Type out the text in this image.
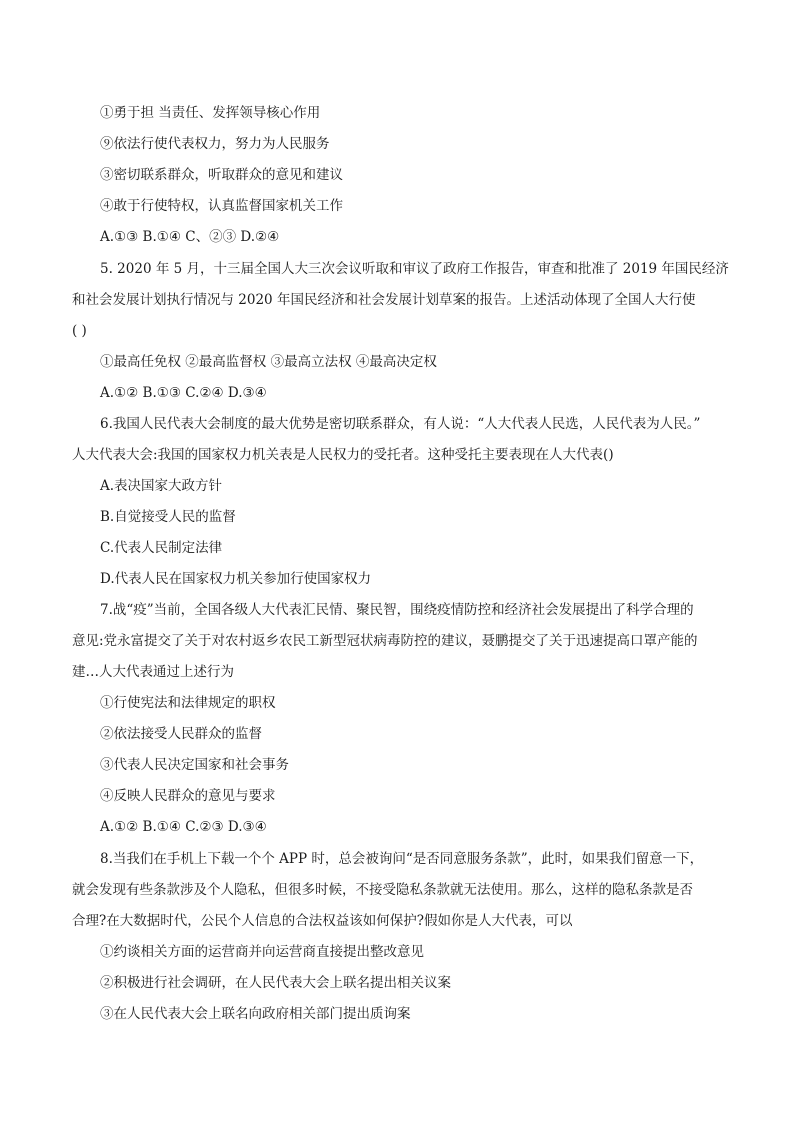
①勇于担 当责任、发挥领导核心作用
⑨依法行使代表权力，努力为人民服务
③密切联系群众，听取群众的意见和建议
④敢于行使特权，认真监督国家机关工作
A.①③ B.①④ C、②③ D.②④
5. 2020 年 5 月，十三届全国人大三次会议听取和审议了政府工作报告，审查和批准了 2019 年国民经济
和社会发展计划执行情况与 2020 年国民经济和社会发展计划草案的报告。上述活动体现了全国人大行使
( )
①最高任免权 ②最高监督权 ③最高立法权 ④最高决定权
A.①② B.①③ C.②④ D.③④
6.我国人民代表大会制度的最大优势是密切联系群众，有人说：“人大代表人民选，人民代表为人民。”
人大代表大会:我国的国家权力机关表是人民权力的受托者。这种受托主要表现在人大代表()
A.表决国家大政方针
B.自觉接受人民的监督
C.代表人民制定法律
D.代表人民在国家权力机关参加行使国家权力
7.战“疫”当前，全国各级人大代表汇民情、聚民智，围绕疫情防控和经济社会发展提出了科学合理的
意见:党永富提交了关于对农村返乡农民工新型冠状病毒防控的建议，聂鹏提交了关于迅速提高口罩产能的
建…人大代表通过上述行为
①行使宪法和法律规定的职权
②依法接受人民群众的监督
③代表人民决定国家和社会事务
④反映人民群众的意见与要求
A.①② B.①④ C.②③ D.③④
8.当我们在手机上下载一个个 APP 时，总会被询问“是否同意服务条款”，此时，如果我们留意一下，
就会发现有些条款涉及个人隐私，但很多时候，不接受隐私条款就无法使用。那么，这样的隐私条款是否
合理?在大数据时代，公民个人信息的合法权益该如何保护?假如你是人大代表，可以
①约谈相关方面的运营商并向运营商直接提出整改意见
②积极进行社会调研，在人民代表大会上联名提出相关议案
③在人民代表大会上联名向政府相关部门提出质询案
